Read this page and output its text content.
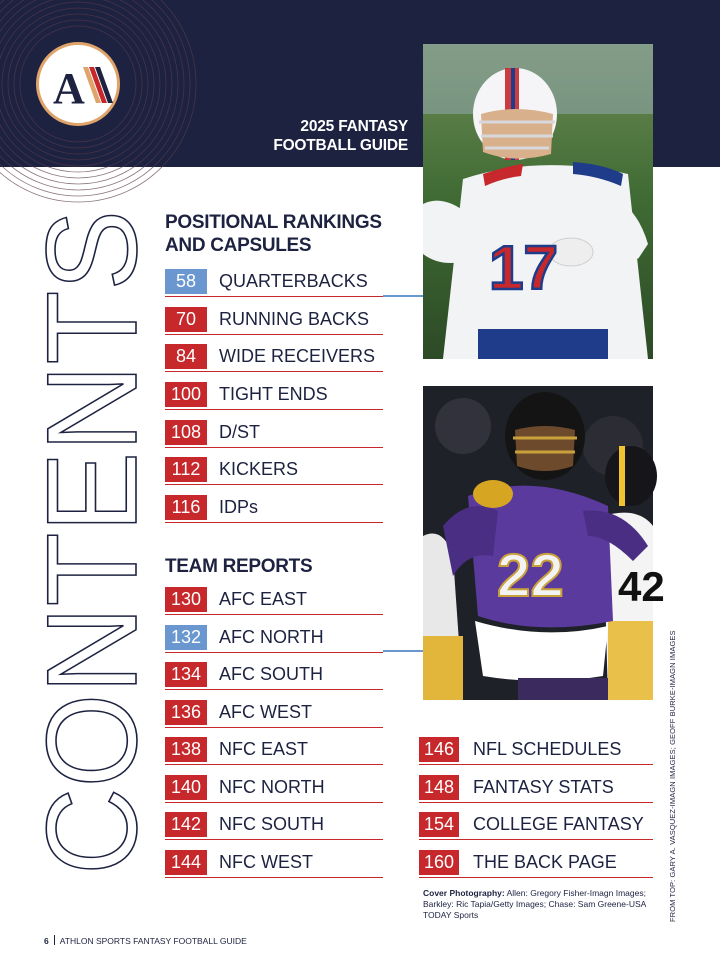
A
2025 FANTASY
FOOTBALL GUIDE
17
42
22
CONTENTS POSITIONAL RANKINGS
AND CAPSULES
58	QUARTERBACKS
70	RUNNING BACKS
84	WIDE RECEIVERS
100 TIGHT ENDS
108 D/ST
112	KICKERS
116	IDPs
TEAM REPORTS
130 AFC EAST
132 AFC NORTH
134 AFC SOUTH
136 AFC WEST
138 NFC EAST
140 NFC NORTH
142 NFC SOUTH
144 NFC WEST
146 NFL SCHEDULES
148 FANTASY STATS
154 COLLEGE FANTASY
160 THE BACK PAGE
Cover Photography: Allen: Gregory Fisher-Imagn Images; Barkley: Ric Tapia/Getty Images; Chase: Sam Greene-USA TODAY Sports	FROM TOP: GARY A. VASQUEZ-IMAGN IMAGES; GEOFF BURKE-IMAGN IMAGES
6 ATHLON SPORTS FANTASY FOOTBALL GUIDE
